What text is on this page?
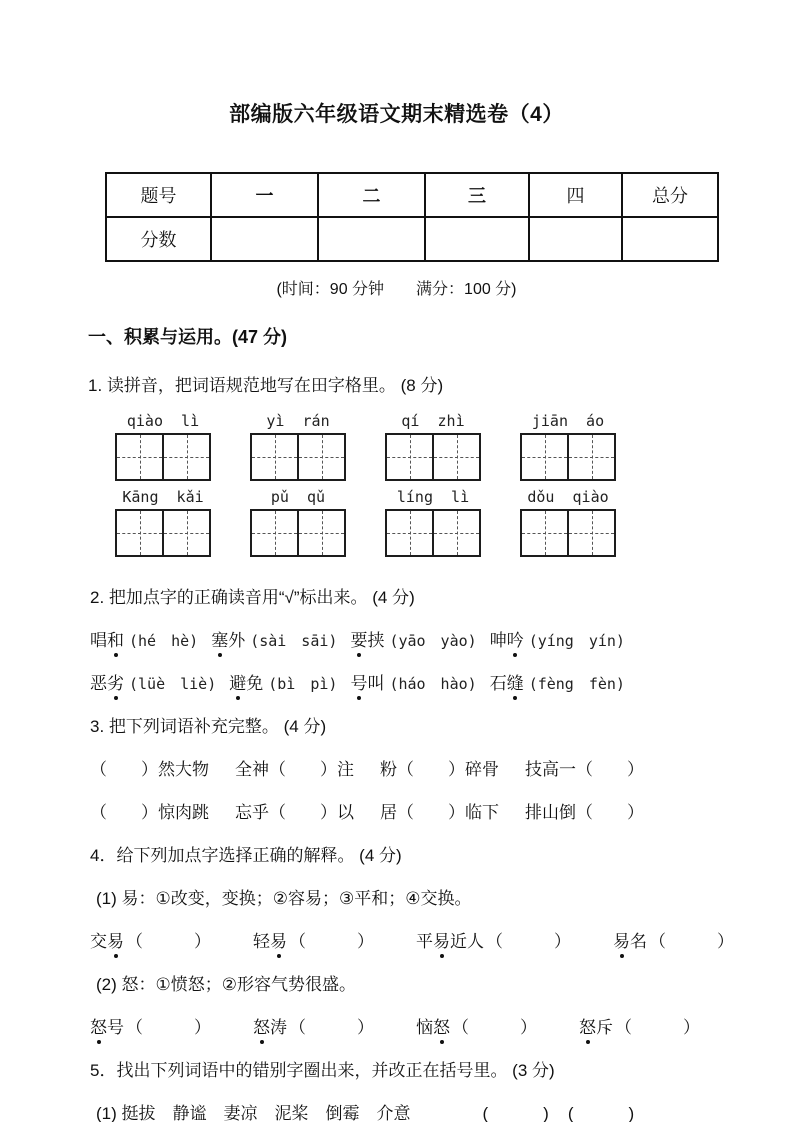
部编版六年级语文期末精选卷（4）
题号	一	二	三	四	总分
分数					
(时间：90 分钟　　满分：100 分)
一、积累与运用。(47 分)
1. 读拼音，把词语规范地写在田字格里。 (8 分)
qiào  lì	yì  rán	qí  zhì	jiān  áo
Kāng  kǎi	pǔ  qǔ	líng  lì	dǒu  qiào
2. 把加点字的正确读音用“√”标出来。 (4 分)
唱和 (hé　hè) 塞外 (sài　sāi) 要挟 (yāo　yào) 呻吟 (yíng　yín)
恶劣 (lüè　liè) 避免 (bì　pì) 号叫 (háo　hào) 石缝 (fèng　fèn)
3. 把下列词语补充完整。 (4 分)
（　　）然大物 全神（　　）注 粉（　　）碎骨 技高一（　　）
（　　）惊肉跳 忘乎（　　）以 居（　　）临下 排山倒（　　）
4．给下列加点字选择正确的解释。 (4 分)
(1) 易：①改变，变换；②容易；③平和；④交换。
交易 （　　　） 轻易 （　　　） 平易近人 （　　　） 易名 （　　　）
(2) 怒：①愤怒；②形容气势很盛。
怒号 （　　　） 怒涛 （　　　） 恼怒 （　　　） 怒斥 （　　　）
5．找出下列词语中的错别字圈出来，并改正在括号里。 (3 分)
(1) 挺拔　静谧　妻凉　泥桨　倒霉　介意	(　　　)　(　　　)
